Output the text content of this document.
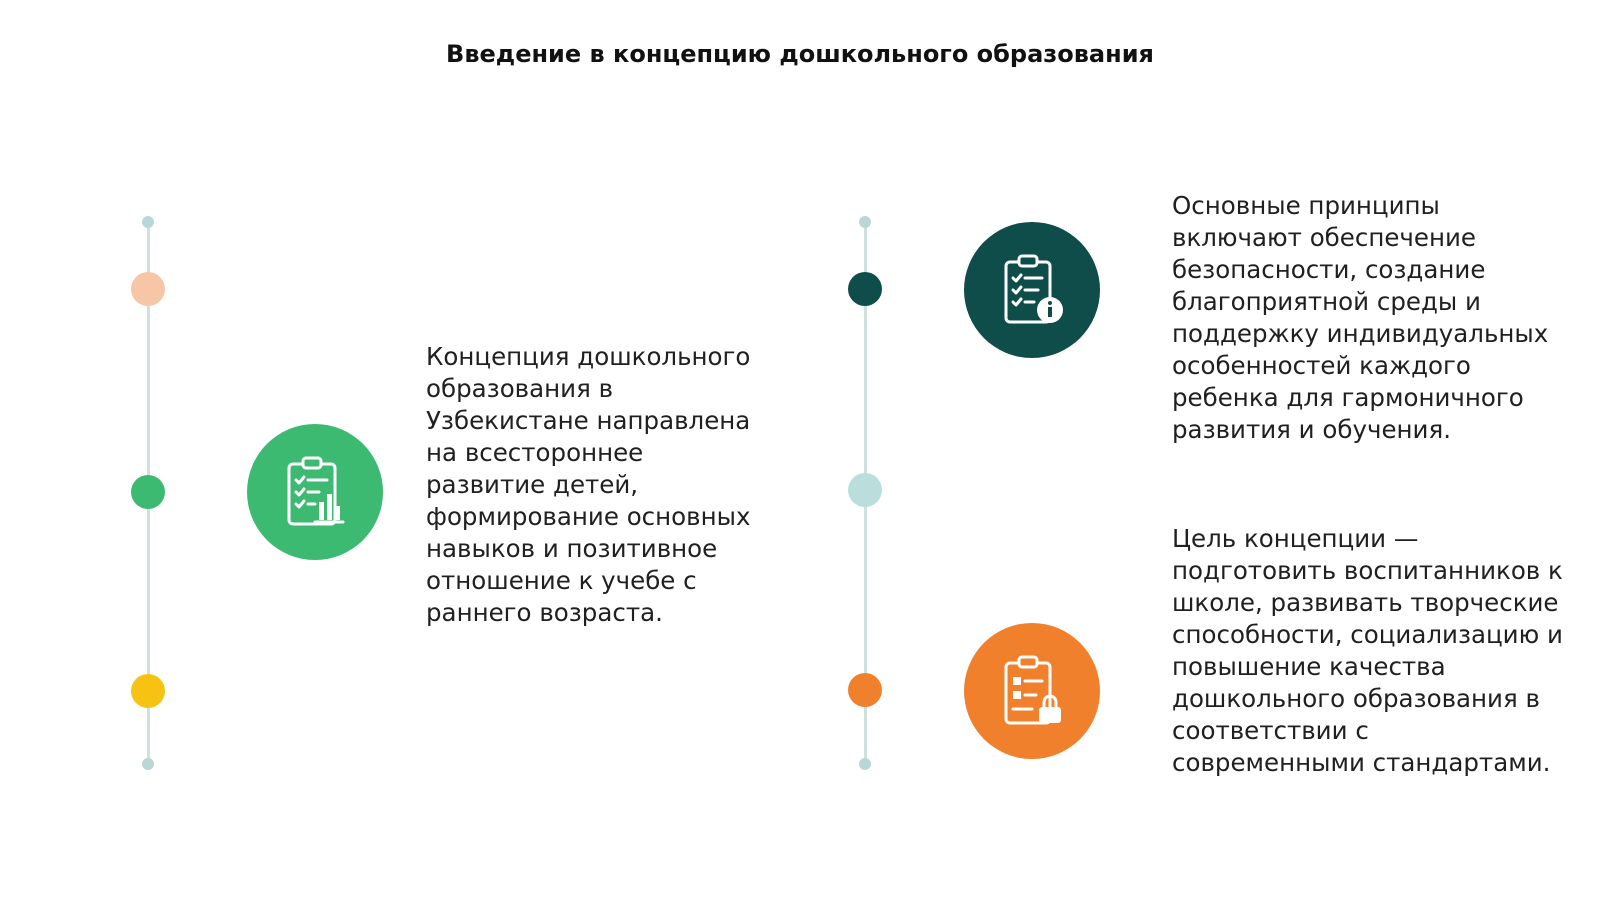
Введение в концепцию дошкольного образования
Концепция дошкольного образования в Узбекистане направлена на всестороннее развитие детей, формирование основных навыков и позитивное отношение к учебе с раннего возраста.
Основные принципы включают обеспечение безопасности, создание благоприятной среды и поддержку индивидуальных особенностей каждого ребенка для гармоничного развития и обучения.
Цель концепции — подготовить воспитанников к школе, развивать творческие способности, социализацию и повышение качества дошкольного образования в соответствии с современными стандартами.
